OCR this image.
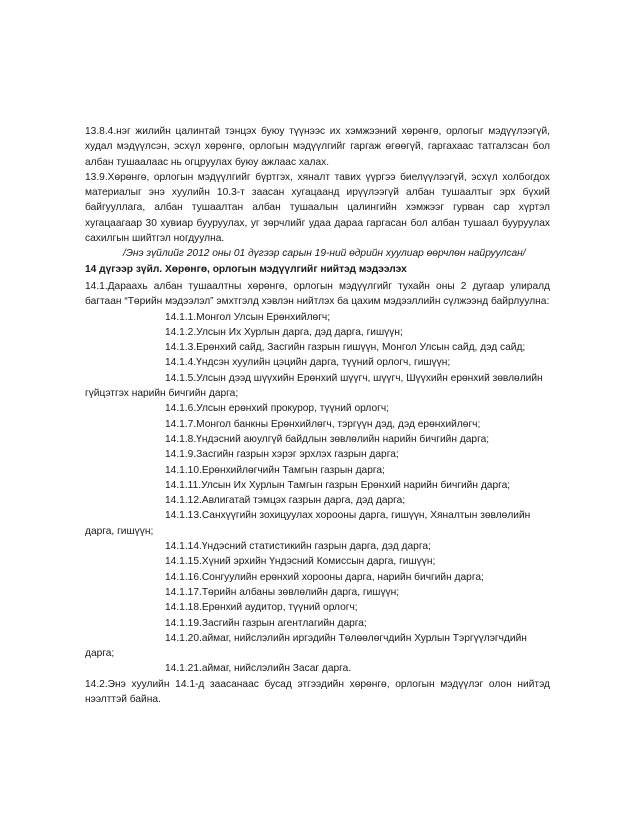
13.8.4.нэг жилийн цалинтай тэнцэх буюу түүнээс их хэмжээний хөрөнгө, орлогыг мэдүүлээгүй, худал мэдүүлсэн, эсхүл хөрөнгө, орлогын мэдүүлгийг гаргаж өгөөгүй, гаргахаас татгалзсан бол албан тушаалаас нь огцруулах буюу ажлаас халах.

13.9.Хөрөнгө, орлогын мэдүүлгийг бүртгэх, хяналт тавих үүргээ биелүүлээгүй, эсхүл холбогдох материалыг энэ хуулийн 10.3-т заасан хугацаанд ирүүлээгүй албан тушаалтыг эрх бүхий байгууллага, албан тушаалтан албан тушаалын цалингийн хэмжээг гурван сар хүртэл хугацаагаар 30 хувиар бууруулах, уг зөрчлийг удаа дараа гаргасан бол албан тушаал бууруулах сахилгын шийтгэл ногдуулна.

/Энэ зүйлийг 2012 оны 01 дүгээр сарын 19-ний өдрийн хуулиар өөрчлөн найруулсан/

14 дүгээр зүйл. Хөрөнгө, орлогын мэдүүлгийг нийтэд мэдээлэх

14.1.Дараахь албан тушаалтны хөрөнгө, орлогын мэдүүлгийг тухайн оны 2 дугаар улиралд багтаан “Төрийн мэдээлэл” эмхтгэлд хэвлэн нийтлэх ба цахим мэдээллийн сүлжээнд байрлуулна:

14.1.1.Монгол Улсын Ерөнхийлөгч;

14.1.2.Улсын Их Хурлын дарга, дэд дарга, гишүүн;

14.1.3.Ерөнхий сайд, Засгийн газрын гишүүн, Монгол Улсын сайд, дэд сайд;

14.1.4.Үндсэн хуулийн цэцийн дарга, түүний орлогч, гишүүн;

14.1.5.Улсын дээд шүүхийн Ерөнхий шүүгч, шүүгч, Шүүхийн ерөнхий зөвлөлийн

гүйцэтгэх нарийн бичгийн дарга;

14.1.6.Улсын ерөнхий прокурор, түүний орлогч;

14.1.7.Монгол банкны Ерөнхийлөгч, тэргүүн дэд, дэд ерөнхийлөгч;

14.1.8.Үндэсний аюулгүй байдлын зөвлөлийн нарийн бичгийн дарга;

14.1.9.Засгийн газрын хэрэг эрхлэх газрын дарга;

14.1.10.Ерөнхийлөгчийн Тамгын газрын дарга;

14.1.11.Улсын Их Хурлын Тамгын газрын Ерөнхий нарийн бичгийн дарга;

14.1.12.Авлигатай тэмцэх газрын дарга, дэд дарга;

14.1.13.Санхүүгийн зохицуулах хорооны дарга, гишүүн, Хяналтын зөвлөлийн

дарга, гишүүн;

14.1.14.Үндэсний статистикийн газрын дарга, дэд дарга;

14.1.15.Хүний эрхийн Үндэсний Комиссын дарга, гишүүн;

14.1.16.Сонгуулийн ерөнхий хорооны дарга, нарийн бичгийн дарга;

14.1.17.Төрийн албаны зөвлөлийн дарга, гишүүн;

14.1.18.Ерөнхий аудитор, түүний орлогч;

14.1.19.Засгийн газрын агентлагийн дарга;

14.1.20.аймаг, нийслэлийн иргэдийн Төлөөлөгчдийн Хурлын Тэргүүлэгчдийн

дарга;

14.1.21.аймаг, нийслэлийн Засаг дарга.

14.2.Энэ хуулийн 14.1-д заасанаас бусад этгээдийн хөрөнгө, орлогын мэдүүлэг олон нийтэд нээлттэй байна.
